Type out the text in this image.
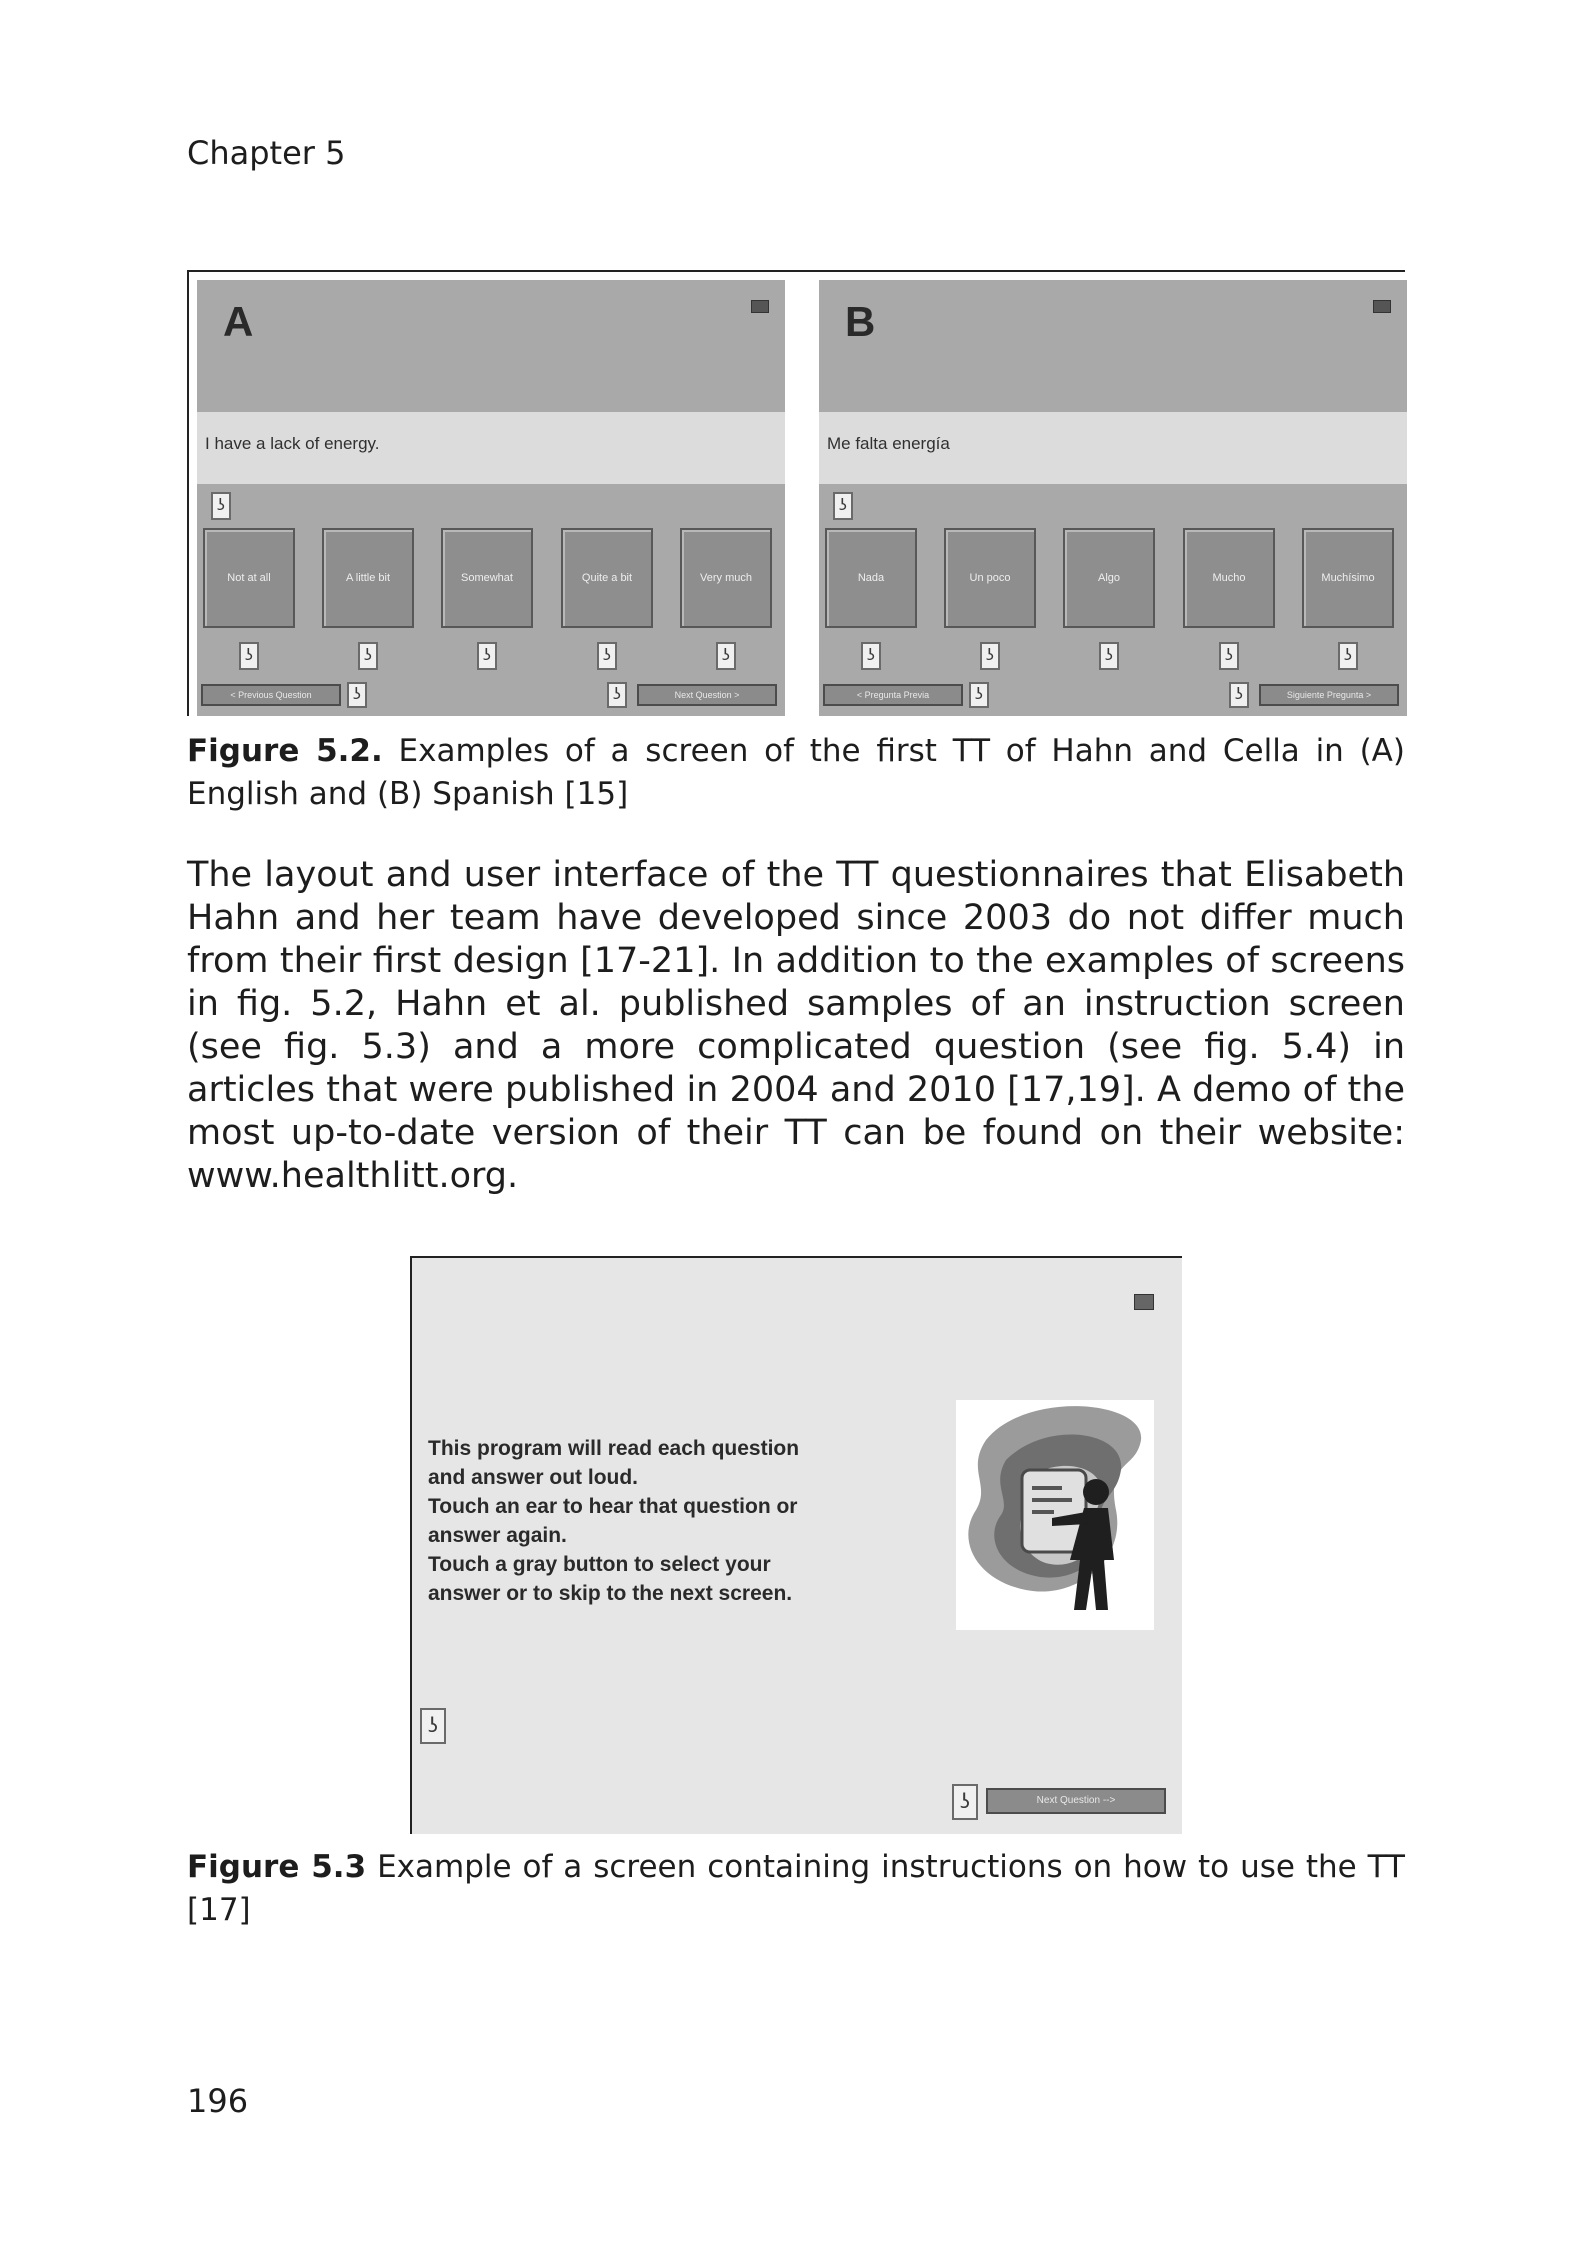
Chapter 5
A
I have a lack of energy.
ʖ
Not at all	A little bit	Somewhat	Quite a bit	Very much
ʖ	ʖ	ʖ	ʖ	ʖ
< Previous Question	ʖ	ʖ	Next Question >
B
Me falta energía
ʖ
Nada	Un poco	Algo	Mucho	Muchísimo
ʖ	ʖ	ʖ	ʖ	ʖ
< Pregunta Previa	ʖ	ʖ	Siguiente Pregunta >
Figure 5.2. Examples of a screen of the first TT of Hahn and Cella in (A) English and (B) Spanish [15]
The layout and user interface of the TT questionnaires that Elisabeth Hahn and her team have developed since 2003 do not differ much from their first design [17-21]. In addition to the examples of screens in fig. 5.2, Hahn et al. published samples of an instruction screen (see fig. 5.3) and a more complicated question (see fig. 5.4) in articles that were published in 2004 and 2010 [17,19]. A demo of the most up-to-date version of their TT can be found on their website: www.healthlitt.org.
This program will read each question
and answer out loud.
Touch an ear to hear that question or
answer again.
Touch a gray button to select your
answer or to skip to the next screen.
ʖ
ʖ	Next Question -->
Figure 5.3 Example of a screen containing instructions on how to use the TT [17]
196
